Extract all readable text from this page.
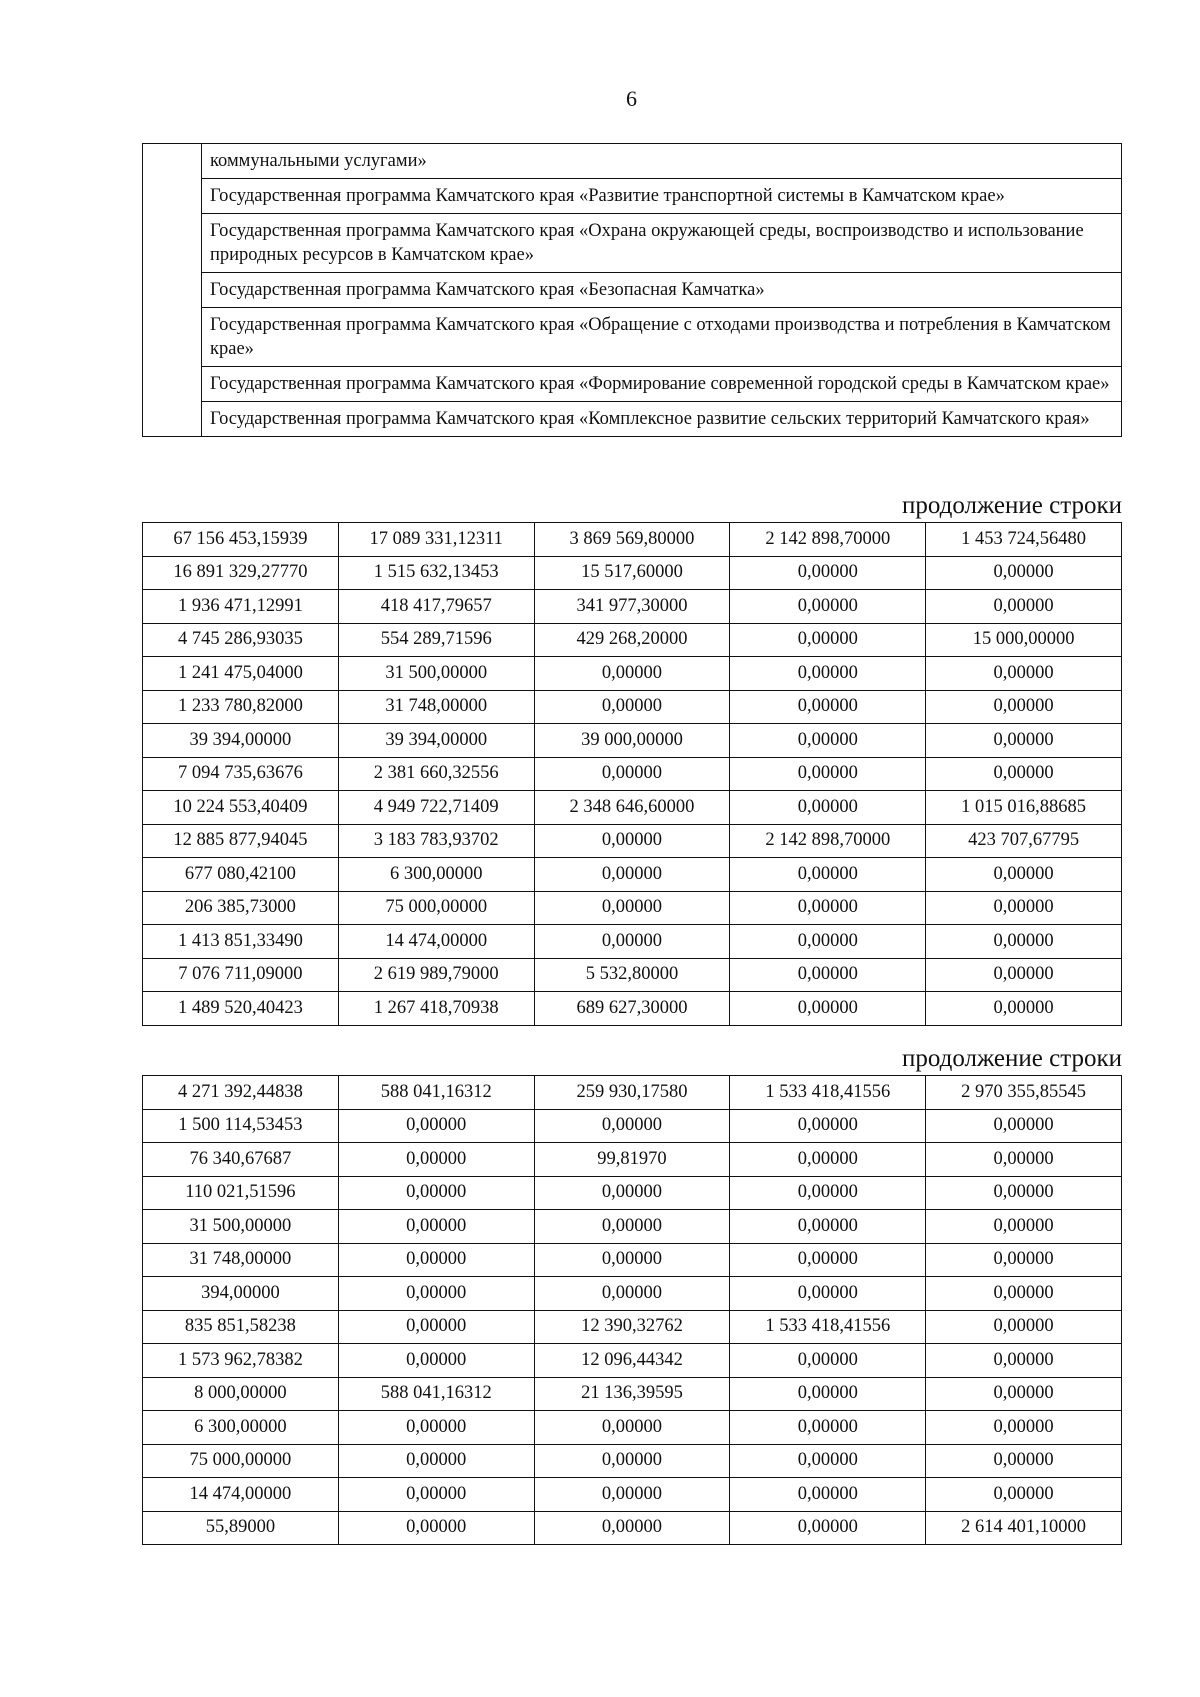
6
	коммунальными услугами»
Государственная программа Камчатского края «Развитие транспортной системы в Камчатском крае»
Государственная программа Камчатского края «Охрана окружающей среды, воспроизводство и использование природных ресурсов в Камчатском крае»
Государственная программа Камчатского края «Безопасная Камчатка»
Государственная программа Камчатского края «Обращение с отходами производства и потребления в Камчатском крае»
Государственная программа Камчатского края «Формирование современной городской среды в Камчатском крае»
Государственная программа Камчатского края «Комплексное развитие сельских территорий Камчатского края»
продолжение строки
67 156 453,15939	17 089 331,12311	3 869 569,80000	2 142 898,70000	1 453 724,56480
16 891 329,27770	1 515 632,13453	15 517,60000	0,00000	0,00000
1 936 471,12991	418 417,79657	341 977,30000	0,00000	0,00000
4 745 286,93035	554 289,71596	429 268,20000	0,00000	15 000,00000
1 241 475,04000	31 500,00000	0,00000	0,00000	0,00000
1 233 780,82000	31 748,00000	0,00000	0,00000	0,00000
39 394,00000	39 394,00000	39 000,00000	0,00000	0,00000
7 094 735,63676	2 381 660,32556	0,00000	0,00000	0,00000
10 224 553,40409	4 949 722,71409	2 348 646,60000	0,00000	1 015 016,88685
12 885 877,94045	3 183 783,93702	0,00000	2 142 898,70000	423 707,67795
677 080,42100	6 300,00000	0,00000	0,00000	0,00000
206 385,73000	75 000,00000	0,00000	0,00000	0,00000
1 413 851,33490	14 474,00000	0,00000	0,00000	0,00000
7 076 711,09000	2 619 989,79000	5 532,80000	0,00000	0,00000
1 489 520,40423	1 267 418,70938	689 627,30000	0,00000	0,00000
продолжение строки
4 271 392,44838	588 041,16312	259 930,17580	1 533 418,41556	2 970 355,85545
1 500 114,53453	0,00000	0,00000	0,00000	0,00000
76 340,67687	0,00000	99,81970	0,00000	0,00000
110 021,51596	0,00000	0,00000	0,00000	0,00000
31 500,00000	0,00000	0,00000	0,00000	0,00000
31 748,00000	0,00000	0,00000	0,00000	0,00000
394,00000	0,00000	0,00000	0,00000	0,00000
835 851,58238	0,00000	12 390,32762	1 533 418,41556	0,00000
1 573 962,78382	0,00000	12 096,44342	0,00000	0,00000
8 000,00000	588 041,16312	21 136,39595	0,00000	0,00000
6 300,00000	0,00000	0,00000	0,00000	0,00000
75 000,00000	0,00000	0,00000	0,00000	0,00000
14 474,00000	0,00000	0,00000	0,00000	0,00000
55,89000	0,00000	0,00000	0,00000	2 614 401,10000
